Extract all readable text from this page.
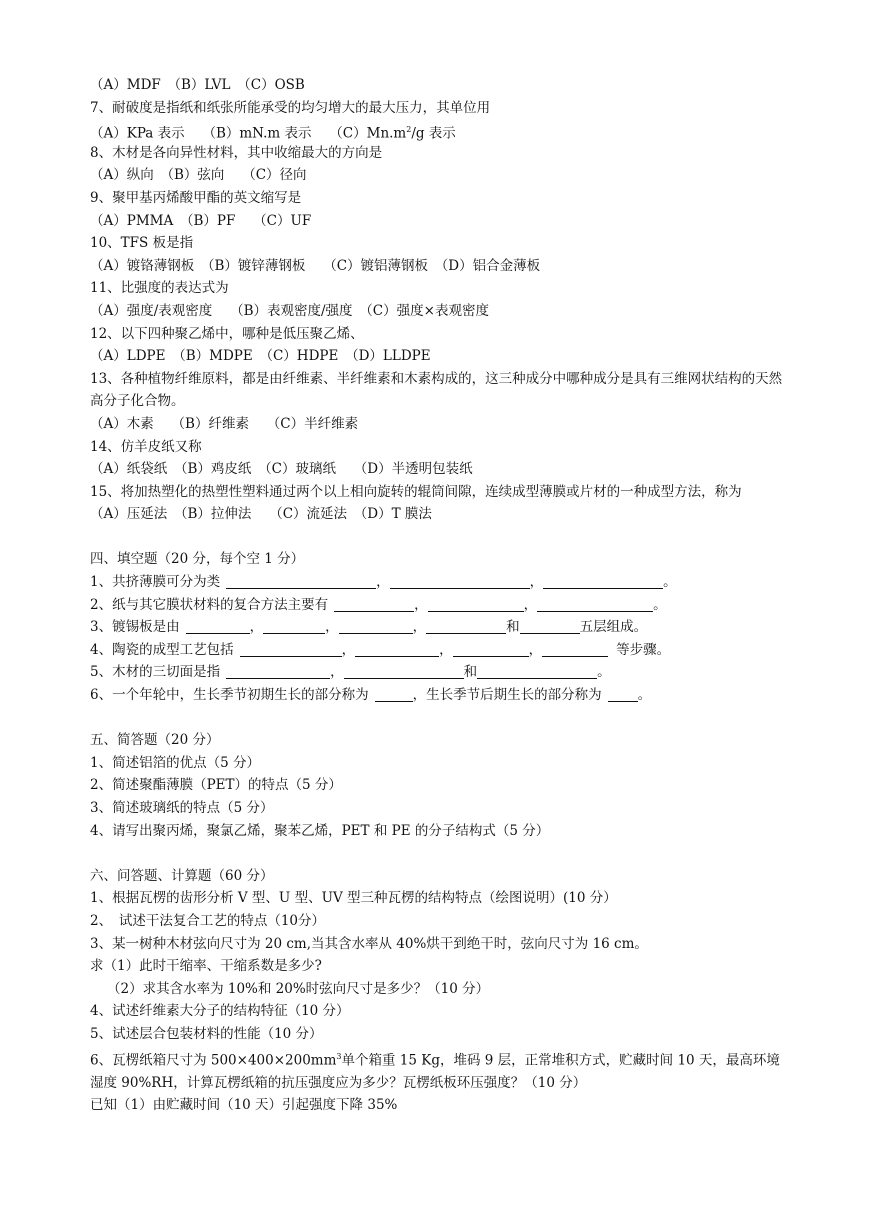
（A）MDF　（B）LVL　（C）OSB
7、耐破度是指纸和纸张所能承受的均匀增大的最大压力，其单位用
（A）KPa 表示　 （B）mN.m 表示　 $(C)Mn.m^2/g$ 表示
8、木材是各向异性材料，其中收缩最大的方向是
（A）纵向　（B）弦向　 （C）径向
9、聚甲基丙烯酸甲酯的英文缩写是
（A）PMMA　（B）PF　 （C）UF
10、TFS 板是指
（A）镀铬薄钢板　（B）镀锌薄钢板　 （C）镀铝薄钢板　（D）铝合金薄板
11、比强度的表达式为
（A）强度/表观密度　 （B）表观密度/强度　（C）强度×表观密度
12、以下四种聚乙烯中，哪种是低压聚乙烯、
（A）LDPE　（B）MDPE　（C）HDPE　（D）LLDPE
13、各种植物纤维原料，都是由纤维素、半纤维素和木素构成的，这三种成分中哪种成分是具有三维网状结构的天然高分子化合物。
（A）木素　 （B）纤维素　 （C）半纤维素
14、仿羊皮纸又称
（A）纸袋纸　（B）鸡皮纸　（C）玻璃纸　 （D）半透明包装纸
15、将加热塑化的热塑性塑料通过两个以上相向旋转的辊筒间隙，连续成型薄膜或片材的一种成型方法，称为
（A）压延法　（B）拉伸法　 （C）流延法　（D）T 膜法
四、填空题（20 分，每个空 1 分）
1、共挤薄膜可分为类	，	，	。
2、纸与其它膜状材料的复合方法主要有	，	，	。
3、镀锡板是由	，	，	，	和	五层组成。
4、陶瓷的成型工艺包括	，	，	，	等步骤。
5、木材的三切面是指	，	和	。
6、一个年轮中，生长季节初期生长的部分称为	，生长季节后期生长的部分称为	。
五、简答题（20 分）
1、简述铝箔的优点（5 分）
2、简述聚酯薄膜（PET）的特点（5 分）
3、简述玻璃纸的特点（5 分）
4、请写出聚丙烯，聚氯乙烯，聚苯乙烯，PET 和 PE 的分子结构式（5 分）
六、问答题、计算题（60 分）
1、根据瓦楞的齿形分析 V 型、U 型、UV 型三种瓦楞的结构特点（绘图说明）(10 分）
2、　试述干法复合工艺的特点（10分）
3、某一树种木材弦向尺寸为 20 cm,当其含水率从 40%烘干到绝干时，弦向尺寸为 16 cm。
求（1）此时干缩率、干缩系数是多少?
（2）求其含水率为 10%和 20%时弦向尺寸是多少？（10 分）
4、试述纤维素大分子的结构特征（10 分）
5、试述层合包装材料的性能（10 分）
6、瓦楞纸箱尺寸为 $500\times 400\times 200mm^3$单个箱重 15 Kg，堆码 9 层，正常堆积方式，贮藏时间 10 天，最高环境湿度 90%RH，计算瓦楞纸箱的抗压强度应为多少？瓦楞纸板环压强度？（10 分）
已知（1）由贮藏时间（10 天）引起强度下降 35%
